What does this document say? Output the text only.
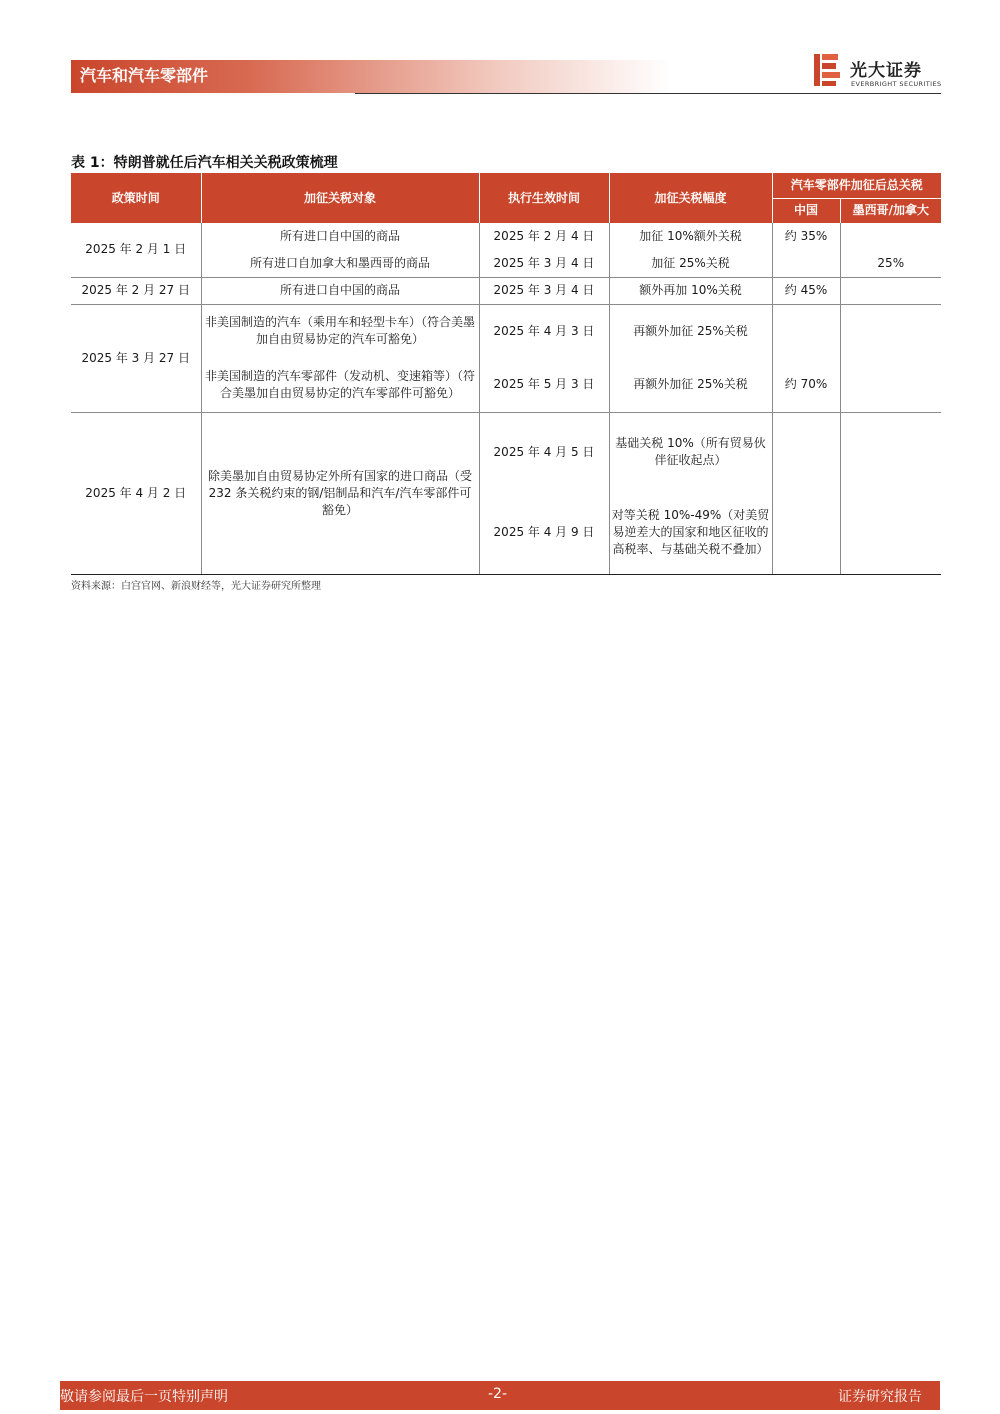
汽车和汽车零部件	光大证券
EVERBRIGHT SECURITIES
表 1：特朗普就任后汽车相关关税政策梳理
政策时间	加征关税对象	执行生效时间	加征关税幅度	汽车零部件加征后总关税	
				中国	墨西哥/加拿大
2025 年 2 月 1 日	所有进口自中国的商品	2025 年 2 月 4 日	加征 10%额外关税	约 35%	
	所有进口自加拿大和墨西哥的商品	2025 年 3 月 4 日	加征 25%关税		25%
2025 年 2 月 27 日	所有进口自中国的商品	2025 年 3 月 4 日	额外再加 10%关税	约 45%	
2025 年 3 月 27 日	非美国制造的汽车（乘用车和轻型卡车）（符合美墨加自由贸易协定的汽车可豁免）	2025 年 4 月 3 日	再额外加征 25%关税		
	非美国制造的汽车零部件（发动机、变速箱等）（符合美墨加自由贸易协定的汽车零部件可豁免）	2025 年 5 月 3 日	再额外加征 25%关税	约 70%	
2025 年 4 月 2 日	除美墨加自由贸易协定外所有国家的进口商品（受 232 条关税约束的钢/铝制品和汽车/汽车零部件可豁免）	2025 年 4 月 5 日	基础关税 10%（所有贸易伙伴征收起点）		
		2025 年 4 月 9 日	对等关税 10%-49%（对美贸易逆差大的国家和地区征收的高税率、与基础关税不叠加）		
资料来源：白宫官网、新浪财经等，光大证券研究所整理
敬请参阅最后一页特别声明	-2-	证券研究报告
